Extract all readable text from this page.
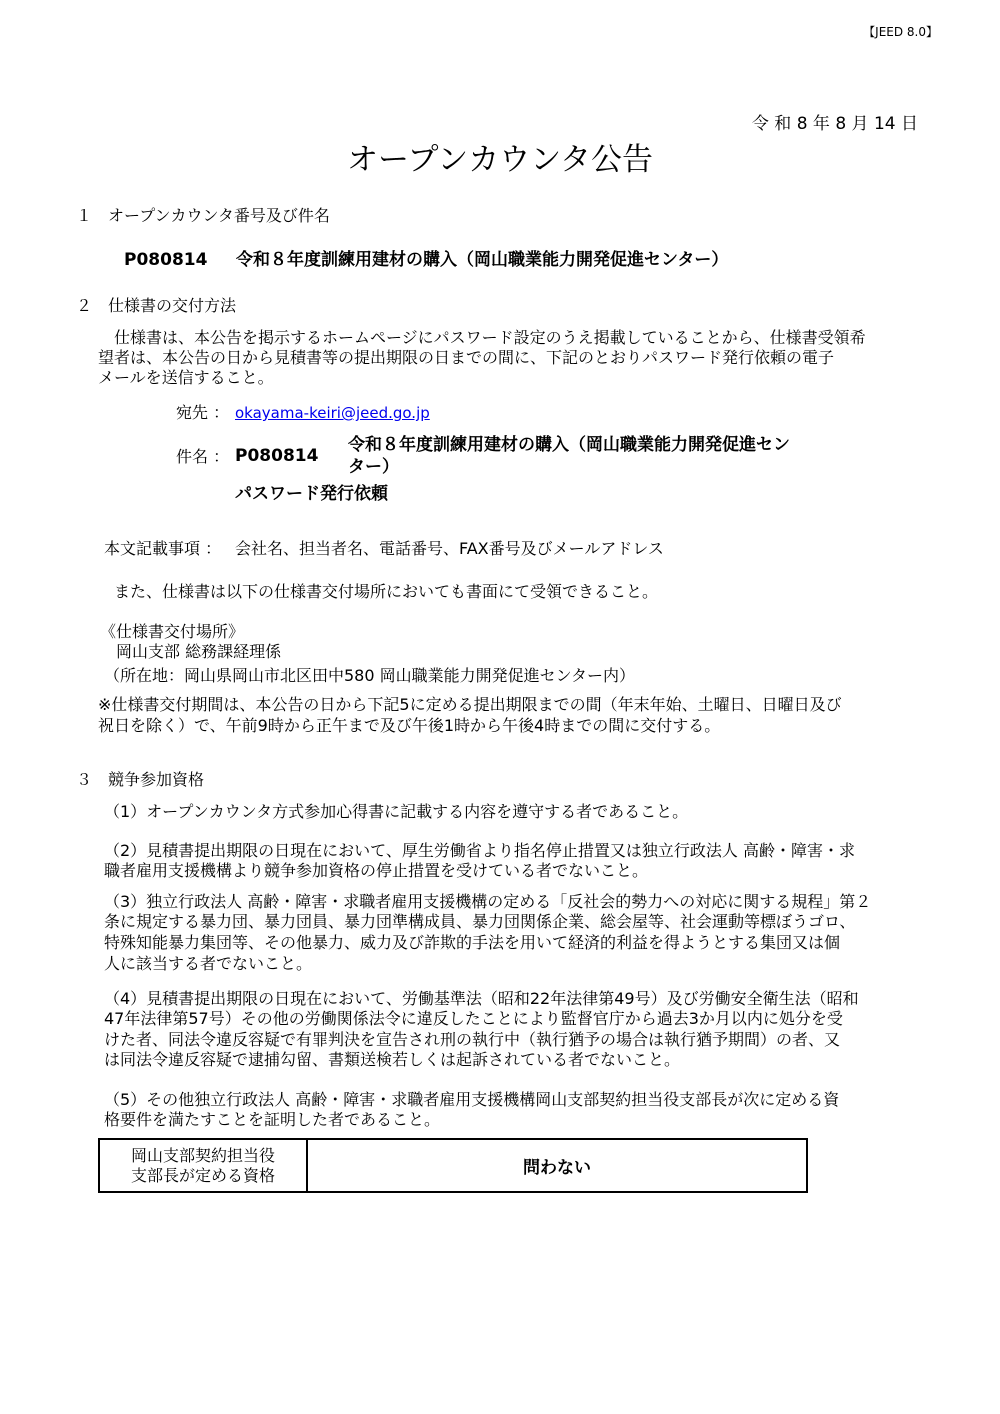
【JEED 8.0】
令 和 8 年 8 月 14 日
オープンカウンタ公告
１　オープンカウンタ番号及び件名
P080814 令和８年度訓練用建材の購入（岡山職業能力開発促進センター）
２　仕様書の交付方法
仕様書は、本公告を掲示するホームページにパスワード設定のうえ掲載していることから、仕様書受領希
望者は、本公告の日から見積書等の提出期限の日までの間に、下記のとおりパスワード発行依頼の電子
メールを送信すること。
宛先 ： okayama-keiri@jeed.go.jp
件名 ： P080814
令和８年度訓練用建材の購入（岡山職業能力開発促進セン
ター）
パスワード発行依頼
本文記載事項 ： 会社名、担当者名、電話番号、FAX番号及びメールアドレス
また、仕様書は以下の仕様書交付場所においても書面にて受領できること。
《仕様書交付場所》
岡山支部 総務課経理係
（所在地：岡山県岡山市北区田中580 岡山職業能力開発促進センター内）
※仕様書交付期間は、本公告の日から下記5に定める提出期限までの間（年末年始、土曜日、日曜日及び
祝日を除く）で、午前9時から正午まで及び午後1時から午後4時までの間に交付する。
３　競争参加資格
（1）オープンカウンタ方式参加心得書に記載する内容を遵守する者であること。
（2）見積書提出期限の日現在において、厚生労働省より指名停止措置又は独立行政法人 高齢・障害・求
職者雇用支援機構より競争参加資格の停止措置を受けている者でないこと。
（3）独立行政法人 高齢・障害・求職者雇用支援機構の定める「反社会的勢力への対応に関する規程」第２
条に規定する暴力団、暴力団員、暴力団準構成員、暴力団関係企業、総会屋等、社会運動等標ぼうゴロ、
特殊知能暴力集団等、その他暴力、威力及び詐欺的手法を用いて経済的利益を得ようとする集団又は個
人に該当する者でないこと。
（4）見積書提出期限の日現在において、労働基準法（昭和22年法律第49号）及び労働安全衛生法（昭和
47年法律第57号）その他の労働関係法令に違反したことにより監督官庁から過去3か月以内に処分を受
けた者、同法令違反容疑で有罪判決を宣告され刑の執行中（執行猶予の場合は執行猶予期間）の者、又
は同法令違反容疑で逮捕勾留、書類送検若しくは起訴されている者でないこと。
（5）その他独立行政法人 高齢・障害・求職者雇用支援機構岡山支部契約担当役支部長が次に定める資
格要件を満たすことを証明した者であること。
岡山支部契約担当役
支部長が定める資格	問わない
